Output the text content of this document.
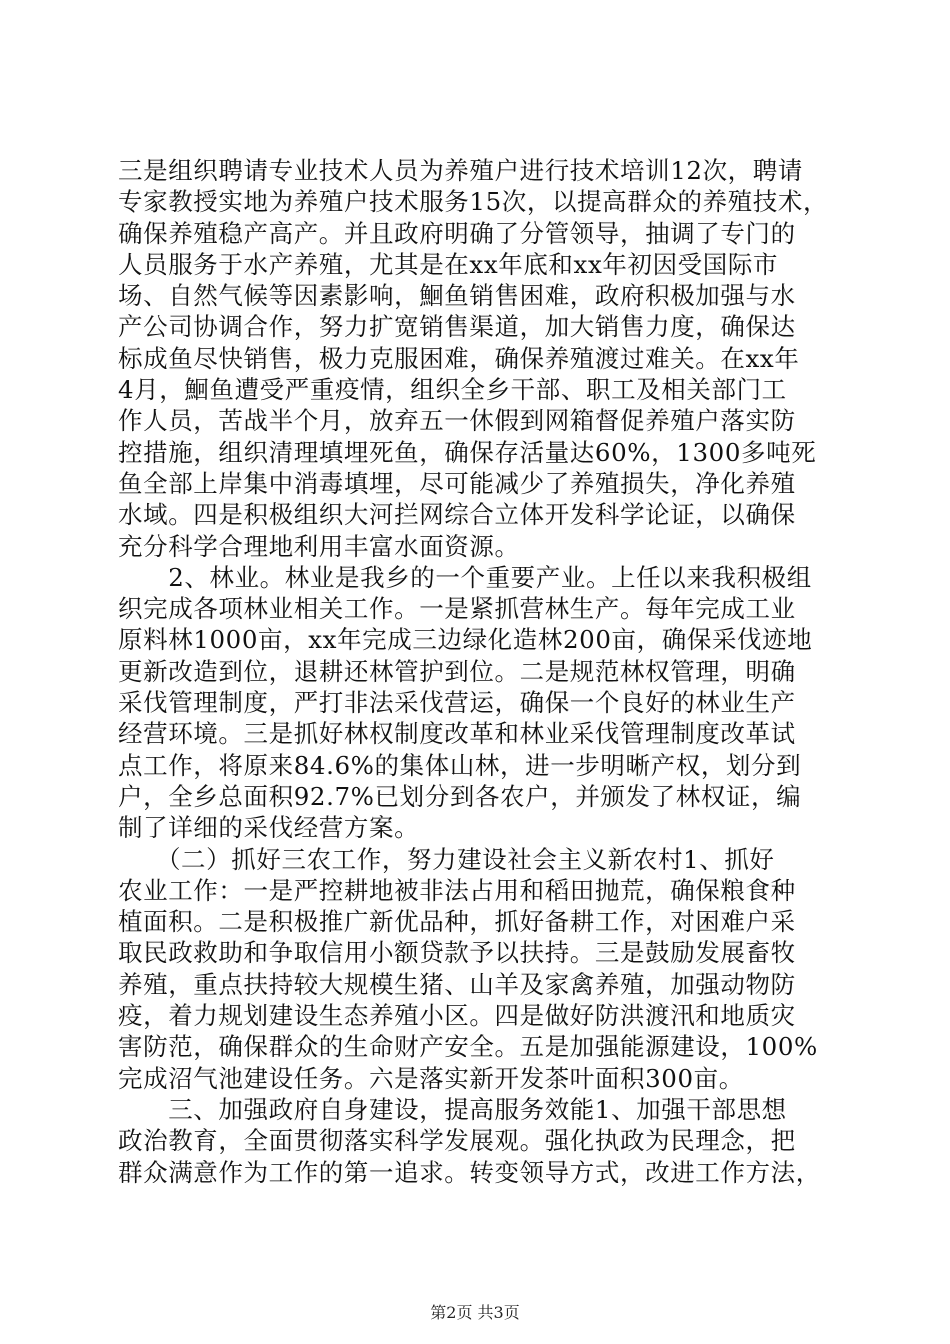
三是组织聘请专业技术人员为养殖户进行技术培训12次，聘请
专家教授实地为养殖户技术服务15次，以提高群众的养殖技术，
确保养殖稳产高产。并且政府明确了分管领导，抽调了专门的
人员服务于水产养殖，尤其是在xx年底和xx年初因受国际市
场、自然气候等因素影响，鮰鱼销售困难，政府积极加强与水
产公司协调合作，努力扩宽销售渠道，加大销售力度，确保达
标成鱼尽快销售，极力克服困难，确保养殖渡过难关。在xx年
4月，鮰鱼遭受严重疫情，组织全乡干部、职工及相关部门工
作人员，苦战半个月，放弃五一休假到网箱督促养殖户落实防
控措施，组织清理填埋死鱼，确保存活量达60%，1300多吨死
鱼全部上岸集中消毒填埋，尽可能减少了养殖损失，净化养殖
水域。四是积极组织大河拦网综合立体开发科学论证，以确保
充分科学合理地利用丰富水面资源。
　　2、林业。林业是我乡的一个重要产业。上任以来我积极组
织完成各项林业相关工作。一是紧抓营林生产。每年完成工业
原料林1000亩，xx年完成三边绿化造林200亩，确保采伐迹地
更新改造到位，退耕还林管护到位。二是规范林权管理，明确
采伐管理制度，严打非法采伐营运，确保一个良好的林业生产
经营环境。三是抓好林权制度改革和林业采伐管理制度改革试
点工作，将原来84.6%的集体山林，进一步明晰产权，划分到
户，全乡总面积92.7%已划分到各农户，并颁发了林权证，编
制了详细的采伐经营方案。
　　（二）抓好三农工作，努力建设社会主义新农村1、抓好
农业工作：一是严控耕地被非法占用和稻田抛荒，确保粮食种
植面积。二是积极推广新优品种，抓好备耕工作，对困难户采
取民政救助和争取信用小额贷款予以扶持。三是鼓励发展畜牧
养殖，重点扶持较大规模生猪、山羊及家禽养殖，加强动物防
疫，着力规划建设生态养殖小区。四是做好防洪渡汛和地质灾
害防范，确保群众的生命财产安全。五是加强能源建设，100%
完成沼气池建设任务。六是落实新开发茶叶面积300亩。
　　三、加强政府自身建设，提高服务效能1、加强干部思想
政治教育，全面贯彻落实科学发展观。强化执政为民理念，把
群众满意作为工作的第一追求。转变领导方式，改进工作方法，
第2页 共3页
